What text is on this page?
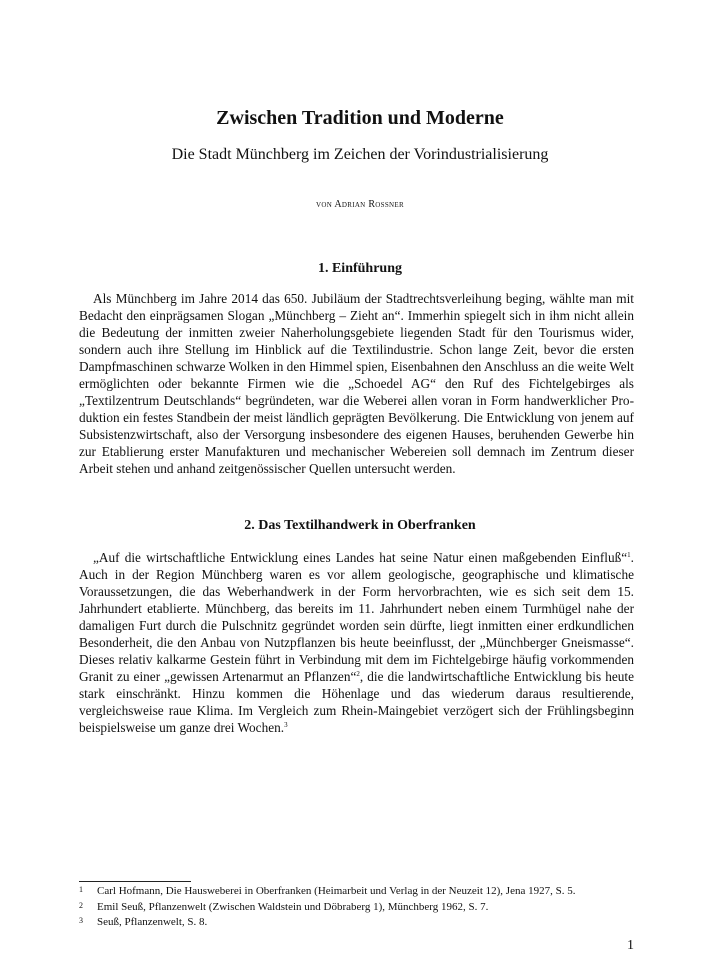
Zwischen Tradition und Moderne
Die Stadt Münchberg im Zeichen der Vorindustrialisierung
von Adrian Rossner
1. Einführung

Als Münchberg im Jahre 2014 das 650. Jubiläum der Stadtrechtsverleihung beging, wählte man mit Bedacht den einprägsamen Slogan „Münchberg – Zieht an“. Immerhin spiegelt sich in ihm nicht allein die Bedeutung der inmitten zweier Naherholungsgebiete liegenden Stadt für den Tourismus wider, sondern auch ihre Stellung im Hinblick auf die Textilindustrie. Schon lange Zeit, bevor die ersten Dampfmaschinen schwarze Wolken in den Himmel spien, Eisenbahnen den Anschluss an die weite Welt ermöglichten oder bekannte Firmen wie die „Schoedel AG“ den Ruf des Fichtelgebirges als „Textilzentrum Deutschlands“ begründeten, war die Weberei allen voran in Form handwerklicher Produktion ein festes Standbein der meist ländlich geprägten Bevölkerung. Die Entwicklung von jenem auf Subsistenzwirtschaft, also der Versorgung insbesondere des eigenen Hauses, beruhenden Gewerbe hin zur Etablierung erster Manufakturen und mechanischer Webereien soll demnach im Zentrum dieser Arbeit stehen und anhand zeitgenössischer Quellen untersucht werden.

2. Das Textilhandwerk in Oberfranken

„Auf die wirtschaftliche Entwicklung eines Landes hat seine Natur einen maßgebenden Einfluß“$^1$. Auch in der Region Münchberg waren es vor allem geologische, geographische und klimatische Voraussetzungen, die das Weberhandwerk in der Form hervorbrachten, wie es sich seit dem 15. Jahrhundert etablierte. Münchberg, das bereits im 11. Jahrhundert neben einem Turmhügel nahe der damaligen Furt durch die Pulschnitz gegründet worden sein dürfte, liegt inmitten einer erdkundlichen Besonderheit, die den Anbau von Nutzpflanzen bis heute beeinflusst, der „Münchberger Gneismasse“. Dieses relativ kalkarme Gestein führt in Verbindung mit dem im Fichtelgebirge häufig vorkommenden Granit zu einer „gewissen Artenarmut an Pflanzen“$^2$, die die landwirtschaftliche Entwicklung bis heute stark einschränkt. Hinzu kommen die Höhenlage und das wiederum daraus resultierende, vergleichsweise raue Klima. Im Vergleich zum Rhein-Maingebiet verzögert sich der Frühlingsbeginn beispielsweise um ganze drei Wochen.$^3$

1	Carl Hofmann, Die Hausweberei in Oberfranken (Heimarbeit und Verlag in der Neuzeit 12), Jena 1927, S. 5.
2	Emil Seuß, Pflanzenwelt (Zwischen Waldstein und Döbraberg 1), Münchberg 1962, S. 7.
3	Seuß, Pflanzenwelt, S. 8.
1
